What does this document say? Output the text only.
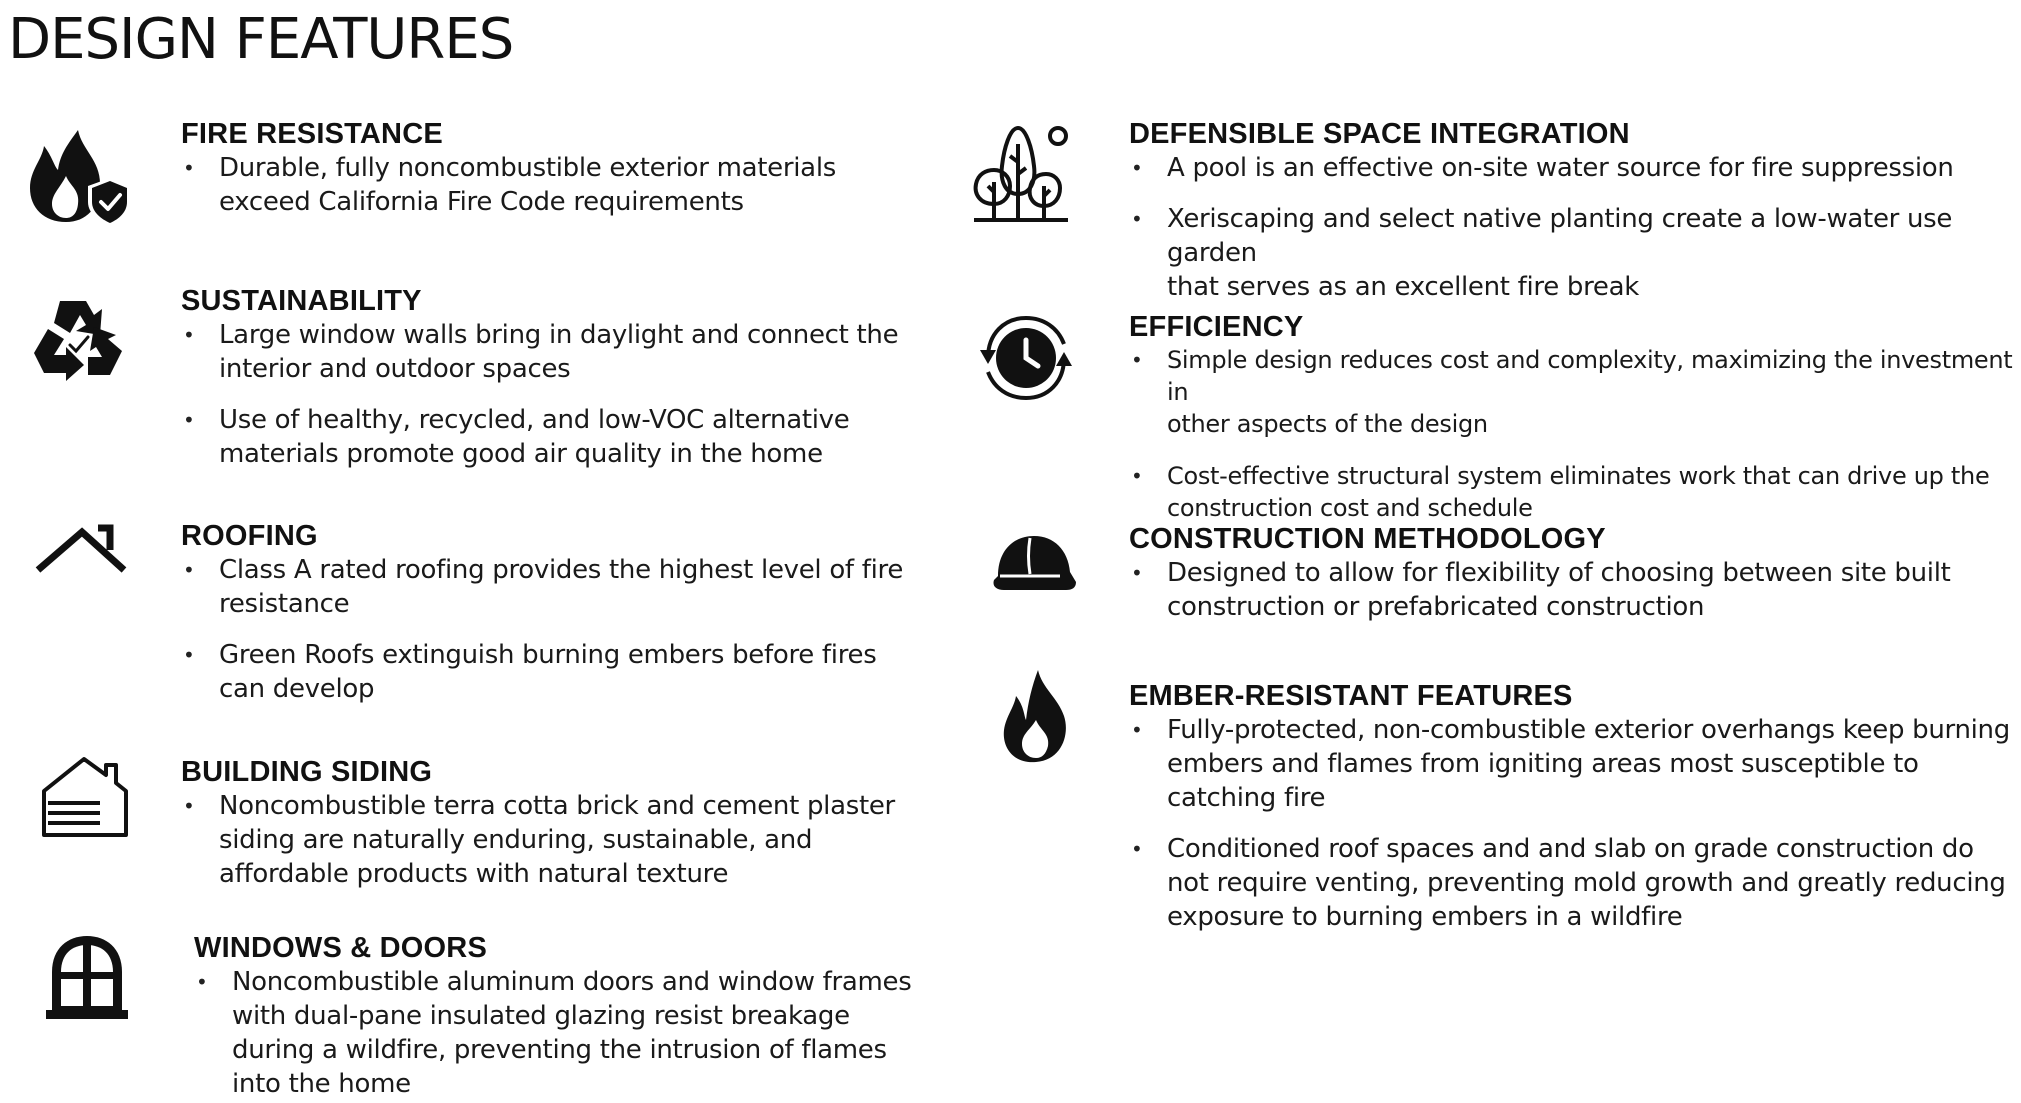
DESIGN FEATURES
FIRE RESISTANCE
• Durable, fully noncombustible exterior materials
exceed California Fire Code requirements
SUSTAINABILITY
• Large window walls bring in daylight and connect the
interior and outdoor spaces
• Use of healthy, recycled, and low-VOC alternative
materials promote good air quality in the home
ROOFING
• Class A rated roofing provides the highest level of fire
resistance
• Green Roofs extinguish burning embers before fires
can develop
BUILDING SIDING
• Noncombustible terra cotta brick and cement plaster
siding are naturally enduring, sustainable, and
affordable products with natural texture
WINDOWS & DOORS
• Noncombustible aluminum doors and window frames
with dual-pane insulated glazing resist breakage
during a wildfire, preventing the intrusion of flames
into the home
DEFENSIBLE SPACE INTEGRATION
• A pool is an effective on-site water source for fire suppression
• Xeriscaping and select native planting create a low-water use garden
that serves as an excellent fire break
EFFICIENCY
• Simple design reduces cost and complexity, maximizing the investment in
other aspects of the design
• Cost-effective structural system eliminates work that can drive up the
construction cost and schedule
CONSTRUCTION METHODOLOGY
• Designed to allow for flexibility of choosing between site built
construction or prefabricated construction
EMBER-RESISTANT FEATURES
• Fully-protected, non-combustible exterior overhangs keep burning
embers and flames from igniting areas most susceptible to catching fire
• Conditioned roof spaces and and slab on grade construction do
not require venting, preventing mold growth and greatly reducing
exposure to burning embers in a wildfire
